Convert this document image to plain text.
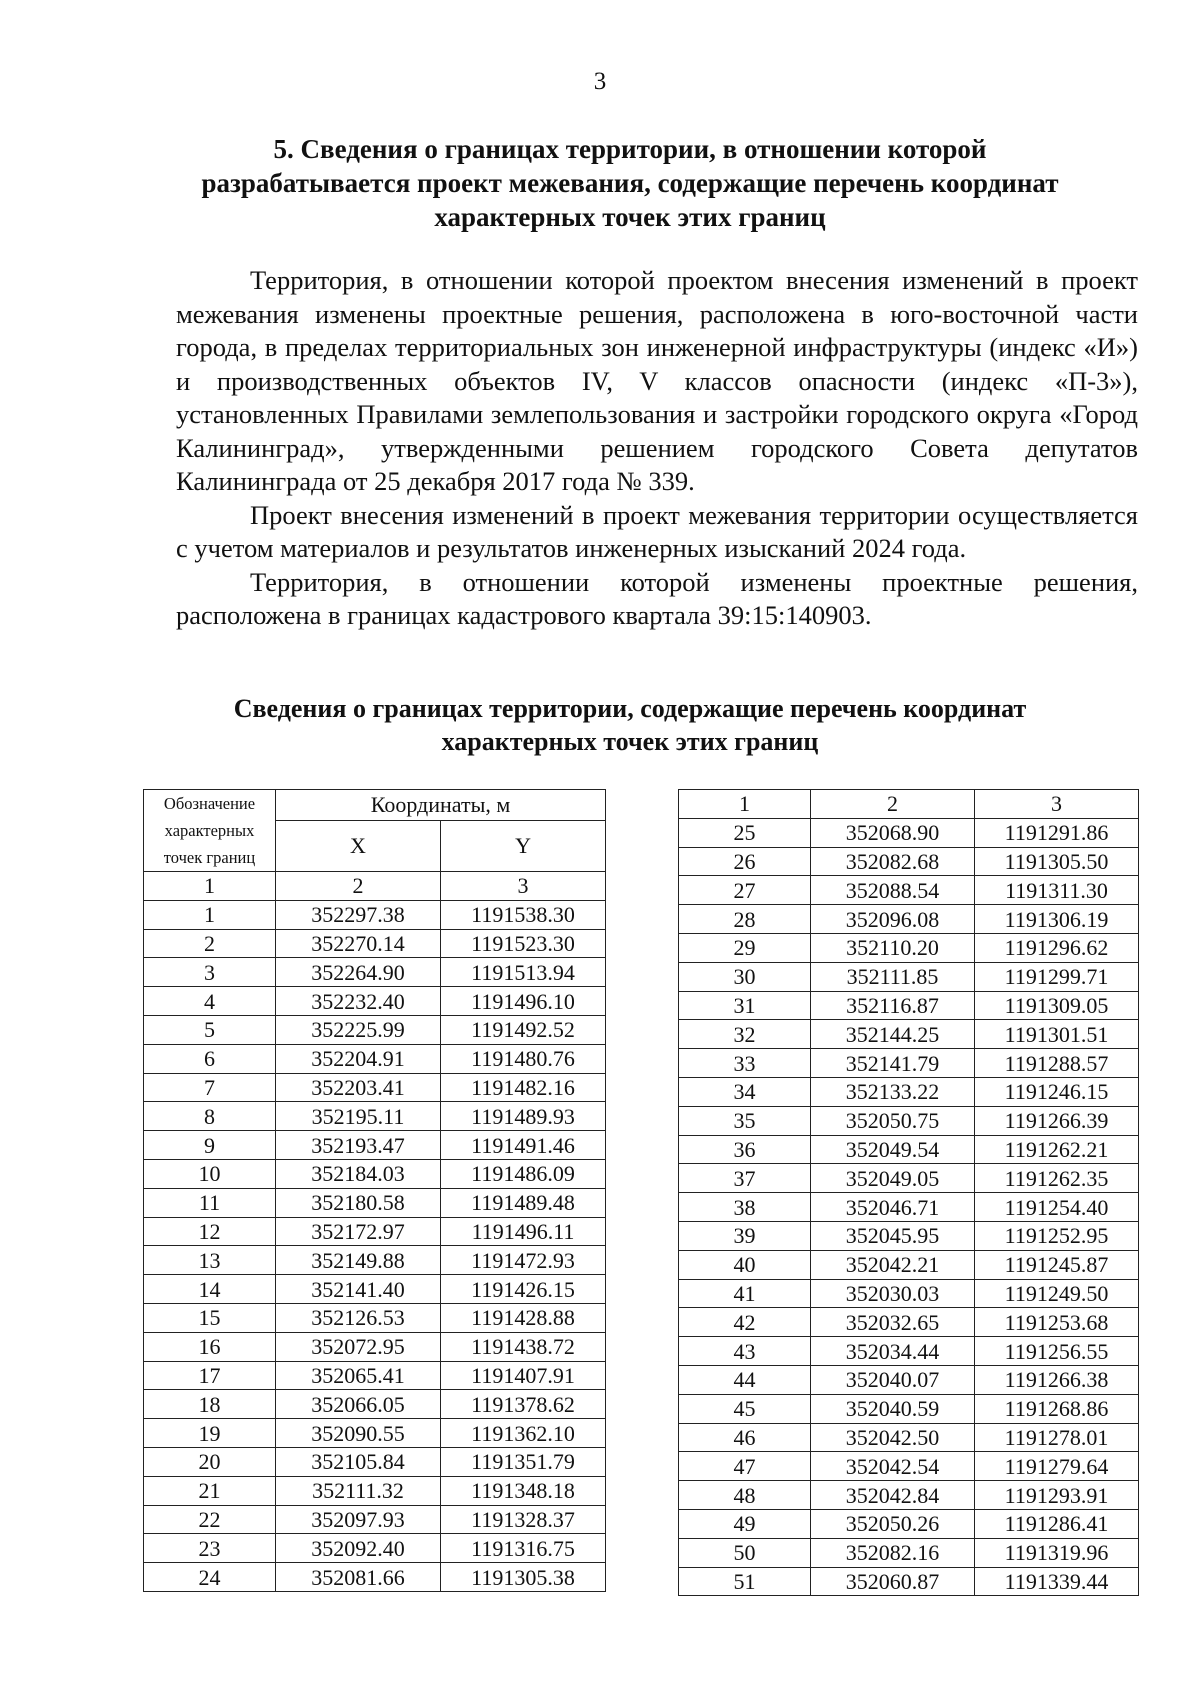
3
5. Сведения о границах территории, в отношении которой
разрабатывается проект межевания, содержащие перечень координат
характерных точек этих границ

Территория, в отношении которой проектом внесения изменений в проект межевания изменены проектные решения, расположена в юго-восточной части города, в пределах территориальных зон инженерной инфраструктуры (индекс «И») и производственных объектов IV, V классов опасности (индекс «П-3»), установленных Правилами землепользования и застройки городского округа «Город Калининград», утвержденными решением городского Совета депутатов Калининграда от 25 декабря 2017 года № 339.

Проект внесения изменений в проект межевания территории осуществляется с учетом материалов и результатов инженерных изысканий 2024 года.

Территория, в отношении которой изменены проектные решения, расположена в границах кадастрового квартала 39:15:140903.

Сведения о границах территории, содержащие перечень координат
характерных точек этих границ
Обозначение характерных точек границ	Координаты, м	
	X	Y
1	2	3
1	352297.38	1191538.30
2	352270.14	1191523.30
3	352264.90	1191513.94
4	352232.40	1191496.10
5	352225.99	1191492.52
6	352204.91	1191480.76
7	352203.41	1191482.16
8	352195.11	1191489.93
9	352193.47	1191491.46
10	352184.03	1191486.09
11	352180.58	1191489.48
12	352172.97	1191496.11
13	352149.88	1191472.93
14	352141.40	1191426.15
15	352126.53	1191428.88
16	352072.95	1191438.72
17	352065.41	1191407.91
18	352066.05	1191378.62
19	352090.55	1191362.10
20	352105.84	1191351.79
21	352111.32	1191348.18
22	352097.93	1191328.37
23	352092.40	1191316.75
24	352081.66	1191305.38
1	2	3
25	352068.90	1191291.86
26	352082.68	1191305.50
27	352088.54	1191311.30
28	352096.08	1191306.19
29	352110.20	1191296.62
30	352111.85	1191299.71
31	352116.87	1191309.05
32	352144.25	1191301.51
33	352141.79	1191288.57
34	352133.22	1191246.15
35	352050.75	1191266.39
36	352049.54	1191262.21
37	352049.05	1191262.35
38	352046.71	1191254.40
39	352045.95	1191252.95
40	352042.21	1191245.87
41	352030.03	1191249.50
42	352032.65	1191253.68
43	352034.44	1191256.55
44	352040.07	1191266.38
45	352040.59	1191268.86
46	352042.50	1191278.01
47	352042.54	1191279.64
48	352042.84	1191293.91
49	352050.26	1191286.41
50	352082.16	1191319.96
51	352060.87	1191339.44
